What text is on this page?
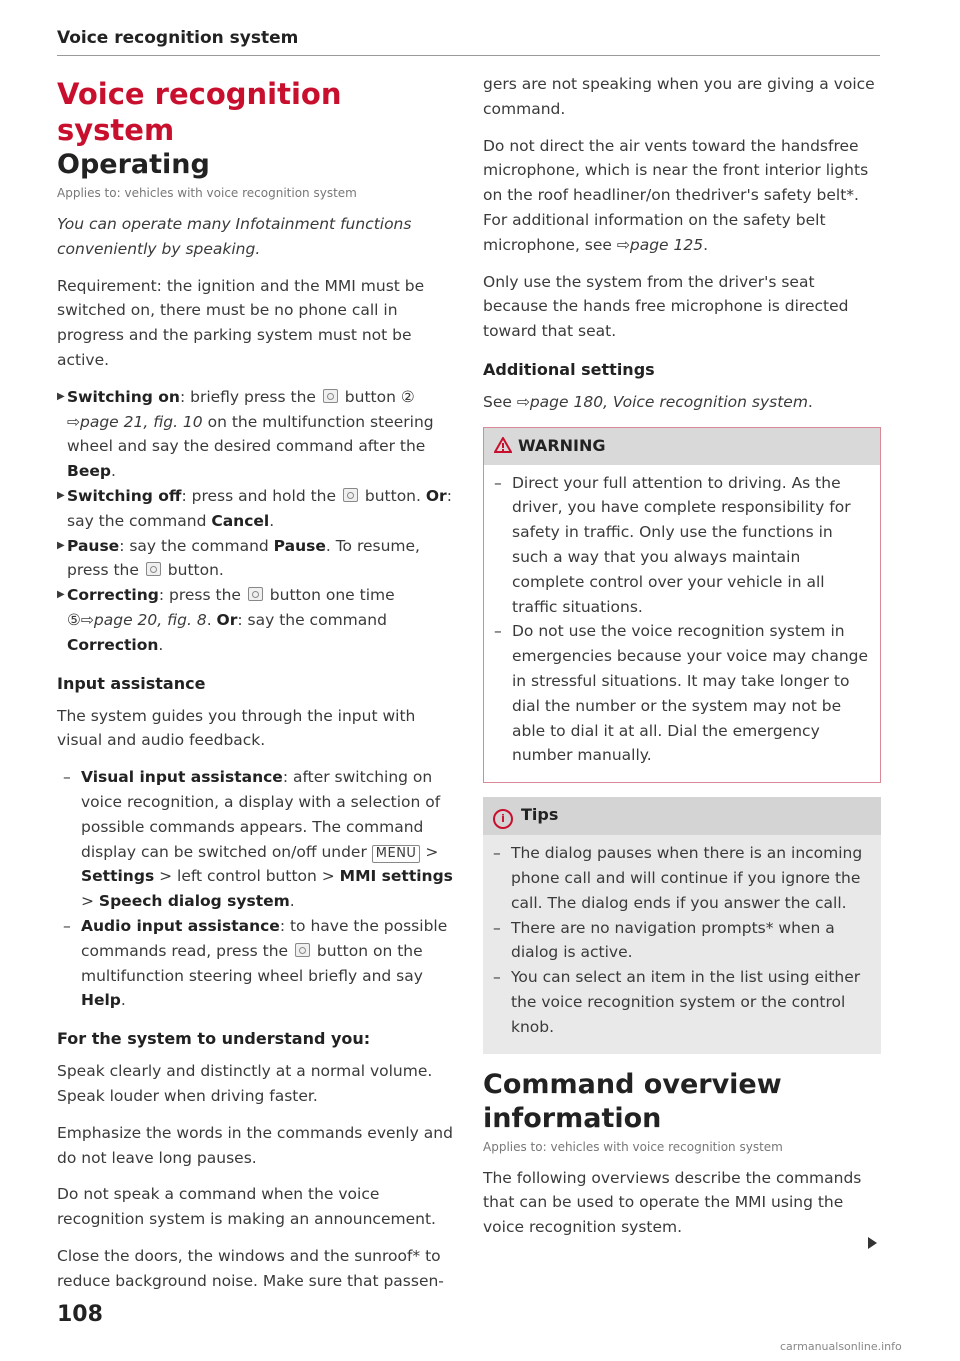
Voice recognition system
Voice recognition system
Operating
Applies to: vehicles with voice recognition system

You can operate many Infotainment functions conveniently by speaking.

Requirement: the ignition and the MMI must be switched on, there must be no phone call in progress and the parking system must not be active.

▶ Switching on: briefly press the  button ② ⇨page 21, fig. 10 on the multifunction steering wheel and say the desired command after the Beep.
▶ Switching off: press and hold the  button. Or: say the command Cancel.
▶ Pause: say the command Pause. To resume, press the  button.
▶ Correcting: press the  button one time ⑤⇨page 20, fig. 8. Or: say the command Correction.
Input assistance

The system guides you through the input with visual and audio feedback.

– Visual input assistance: after switching on voice recognition, a display with a selection of possible commands appears. The command display can be switched on/off under MENU > Settings > left control button > MMI settings > Speech dialog system.
– Audio input assistance: to have the possible commands read, press the  button on the multifunction steering wheel briefly and say Help.
For the system to understand you:

Speak clearly and distinctly at a normal volume. Speak louder when driving faster.

Emphasize the words in the commands evenly and do not leave long pauses.

Do not speak a command when the voice recognition system is making an announcement.

Close the doors, the windows and the sunroof* to reduce background noise. Make sure that passen-

gers are not speaking when you are giving a voice command.

Do not direct the air vents toward the handsfree microphone, which is near the front interior lights on the roof headliner/on thedriver's safety belt*. For additional information on the safety belt microphone, see ⇨page 125.

Only use the system from the driver's seat because the hands free microphone is directed toward that seat.

Additional settings

See ⇨page 180, Voice recognition system.

WARNING
– Direct your full attention to driving. As the driver, you have complete responsibility for safety in traffic. Only use the functions in such a way that you always maintain complete control over your vehicle in all traffic situations.
– Do not use the voice recognition system in emergencies because your voice may change in stressful situations. It may take longer to dial the number or the system may not be able to dial it at all. Dial the emergency number manually.
i Tips
– The dialog pauses when there is an incoming phone call and will continue if you ignore the call. The dialog ends if you answer the call.
– There are no navigation prompts* when a dialog is active.
– You can select an item in the list using either the voice recognition system or the control knob.
Command overview information
Applies to: vehicles with voice recognition system

The following overviews describe the commands that can be used to operate the MMI using the voice recognition system.

108
carmanualsonline.info
